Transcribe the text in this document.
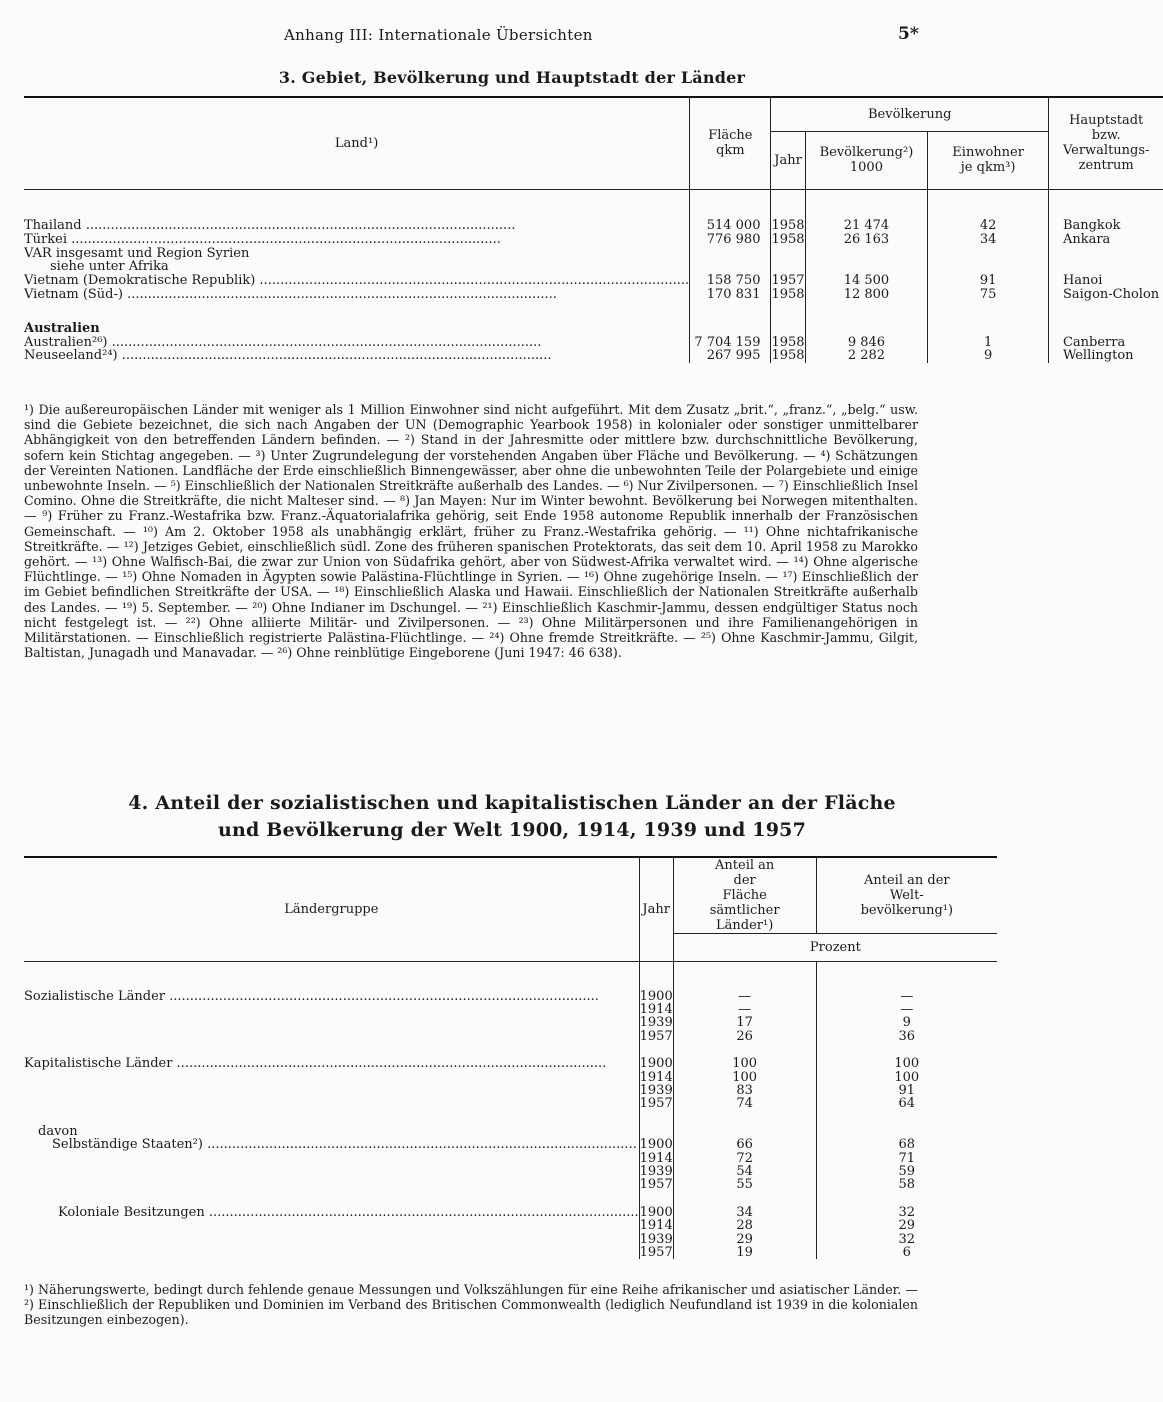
Anhang III: Internationale Übersichten	5*
3. Gebiet, Bevölkerung und Hauptstadt der Länder
Land¹)	Fläche qkm	Bevölkerung			Hauptstadt bzw. Verwaltungs- zentrum
		Jahr	Bevölkerung²) 1000	Einwohner je qkm³)	

Thailand .....	514 000	1958	21 474	42	Bangkok
Türkei .....	776 980	1958	26 163	34	Ankara
VAR insgesamt und Region Syrien					
siehe unter Afrika					
Vietnam (Demokratische Republik) .....	158 750	1957	14 500	91	Hanoi
Vietnam (Süd-) .....	170 831	1958	12 800	75	Saigon-Cholon

Australien					
Australien²⁶) .....	7 704 159	1958	9 846	1	Canberra
Neuseeland²⁴) .....	267 995	1958	2 282	9	Wellington
¹) Die außereuropäischen Länder mit weniger als 1 Million Einwohner sind nicht aufgeführt. Mit dem Zusatz „brit.“, „franz.“, „belg.“ usw. sind die Gebiete bezeichnet, die sich nach Angaben der UN (Demographic Yearbook 1958) in kolonialer oder sonstiger unmittelbarer Abhängigkeit von den betreffenden Ländern befinden. — ²) Stand in der Jahresmitte oder mittlere bzw. durchschnittliche Bevölkerung, sofern kein Stichtag angegeben. — ³) Unter Zugrundelegung der vorstehenden Angaben über Fläche und Bevölkerung. — ⁴) Schätzungen der Vereinten Nationen. Landfläche der Erde einschließlich Binnengewässer, aber ohne die unbewohnten Teile der Polargebiete und einige unbewohnte Inseln. — ⁵) Einschließlich der Nationalen Streitkräfte außerhalb des Landes. — ⁶) Nur Zivilpersonen. — ⁷) Einschließlich Insel Comino. Ohne die Streitkräfte, die nicht Malteser sind. — ⁸) Jan Mayen: Nur im Winter bewohnt. Bevölkerung bei Norwegen mitenthalten. — ⁹) Früher zu Franz.-Westafrika bzw. Franz.-Äquatorialafrika gehörig, seit Ende 1958 autonome Republik innerhalb der Französischen Gemeinschaft. — ¹⁰) Am 2. Oktober 1958 als unabhängig erklärt, früher zu Franz.-Westafrika gehörig. — ¹¹) Ohne nichtafrikanische Streitkräfte. — ¹²) Jetziges Gebiet, einschließlich südl. Zone des früheren spanischen Protektorats, das seit dem 10. April 1958 zu Marokko gehört. — ¹³) Ohne Walfisch-Bai, die zwar zur Union von Südafrika gehört, aber von Südwest-Afrika verwaltet wird. — ¹⁴) Ohne algerische Flüchtlinge. — ¹⁵) Ohne Nomaden in Ägypten sowie Palästina-Flüchtlinge in Syrien. — ¹⁶) Ohne zugehörige Inseln. — ¹⁷) Einschließlich der im Gebiet befindlichen Streitkräfte der USA. — ¹⁸) Einschließlich Alaska und Hawaii. Einschließlich der Nationalen Streitkräfte außerhalb des Landes. — ¹⁹) 5. September. — ²⁰) Ohne Indianer im Dschungel. — ²¹) Einschließlich Kaschmir-Jammu, dessen endgültiger Status noch nicht festgelegt ist. — ²²) Ohne alliierte Militär- und Zivilpersonen. — ²³) Ohne Militärpersonen und ihre Familienangehörigen in Militärstationen. — Einschließlich registrierte Palästina-Flüchtlinge. — ²⁴) Ohne fremde Streitkräfte. — ²⁵) Ohne Kaschmir-Jammu, Gilgit, Baltistan, Junagadh und Manavadar. — ²⁶) Ohne reinblütige Eingeborene (Juni 1947: 46 638).
4. Anteil der sozialistischen und kapitalistischen Länder an der Fläche
und Bevölkerung der Welt 1900, 1914, 1939 und 1957
Ländergruppe	Jahr	Anteil an der Fläche sämtlicher Länder¹)	Anteil an der Welt- bevölkerung¹)
		Prozent	

Sozialistische Länder .....	1900	—	—
	1914	—	—
	1939	17	9
	1957	26	36

Kapitalistische Länder .....	1900	100	100
	1914	100	100
	1939	83	91
	1957	74	64

davon			
Selbständige Staaten²) .....	1900	66	68
	1914	72	71
	1939	54	59
	1957	55	58

Koloniale Besitzungen .....	1900	34	32
	1914	28	29
	1939	29	32
	1957	19	6
¹) Näherungswerte, bedingt durch fehlende genaue Messungen und Volkszählungen für eine Reihe afrikanischer und asiatischer Länder. — ²) Einschließlich der Republiken und Dominien im Verband des Britischen Commonwealth (lediglich Neufundland ist 1939 in die kolonialen Besitzungen einbezogen).
